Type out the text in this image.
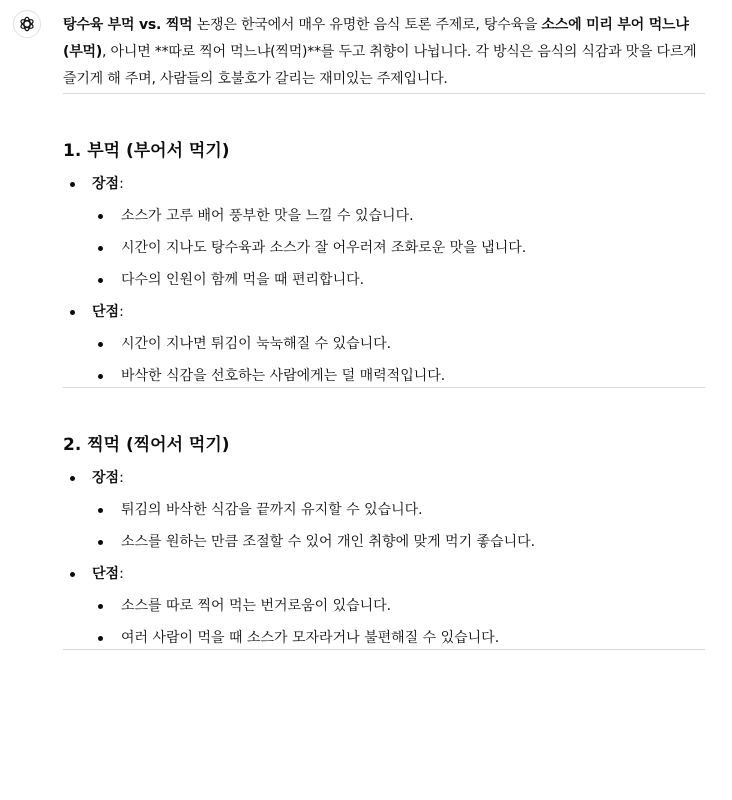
탕수육 부먹 vs. 찍먹 논쟁은 한국에서 매우 유명한 음식 토론 주제로, 탕수육을 소스에 미리 부어 먹느냐(부먹), 아니면 **따로 찍어 먹느냐(찍먹)**를 두고 취향이 나뉩니다. 각 방식은 음식의 식감과 맛을 다르게 즐기게 해 주며, 사람들의 호불호가 갈리는 재미있는 주제입니다.

1. 부먹 (부어서 먹기)
장점:
소스가 고루 배어 풍부한 맛을 느낄 수 있습니다.
시간이 지나도 탕수육과 소스가 잘 어우러져 조화로운 맛을 냅니다.
다수의 인원이 함께 먹을 때 편리합니다.
단점:
시간이 지나면 튀김이 눅눅해질 수 있습니다.
바삭한 식감을 선호하는 사람에게는 덜 매력적입니다.
2. 찍먹 (찍어서 먹기)
장점:
튀김의 바삭한 식감을 끝까지 유지할 수 있습니다.
소스를 원하는 만큼 조절할 수 있어 개인 취향에 맞게 먹기 좋습니다.
단점:
소스를 따로 찍어 먹는 번거로움이 있습니다.
여러 사람이 먹을 때 소스가 모자라거나 불편해질 수 있습니다.
